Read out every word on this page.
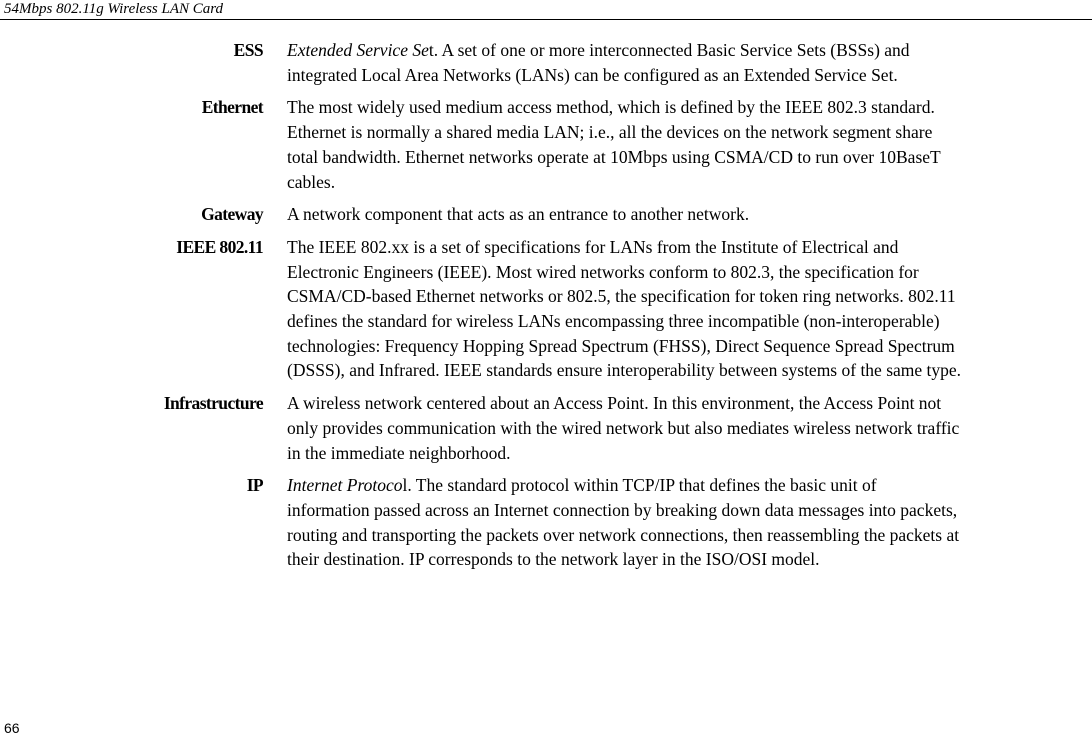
54Mbps 802.11g Wireless LAN Card
ESS Extended Service Set. A set of one or more interconnected Basic Service Sets (BSSs) and
integrated Local Area Networks (LANs) can be configured as an Extended Service Set.
Ethernet The most widely used medium access method, which is defined by the IEEE 802.3 standard.
Ethernet is normally a shared media LAN; i.e., all the devices on the network segment share
total bandwidth. Ethernet networks operate at 10Mbps using CSMA/CD to run over 10BaseT
cables.
Gateway A network component that acts as an entrance to another network.
IEEE 802.11 The IEEE 802.xx is a set of specifications for LANs from the Institute of Electrical and
Electronic Engineers (IEEE). Most wired networks conform to 802.3, the specification for
CSMA/CD-based Ethernet networks or 802.5, the specification for token ring networks. 802.11
defines the standard for wireless LANs encompassing three incompatible (non-interoperable)
technologies: Frequency Hopping Spread Spectrum (FHSS), Direct Sequence Spread Spectrum
(DSSS), and Infrared. IEEE standards ensure interoperability between systems of the same type.
Infrastructure A wireless network centered about an Access Point. In this environment, the Access Point not
only provides communication with the wired network but also mediates wireless network traffic
in the immediate neighborhood.
IP Internet Protocol. The standard protocol within TCP/IP that defines the basic unit of
information passed across an Internet connection by breaking down data messages into packets,
routing and transporting the packets over network connections, then reassembling the packets at
their destination. IP corresponds to the network layer in the ISO/OSI model.
66
